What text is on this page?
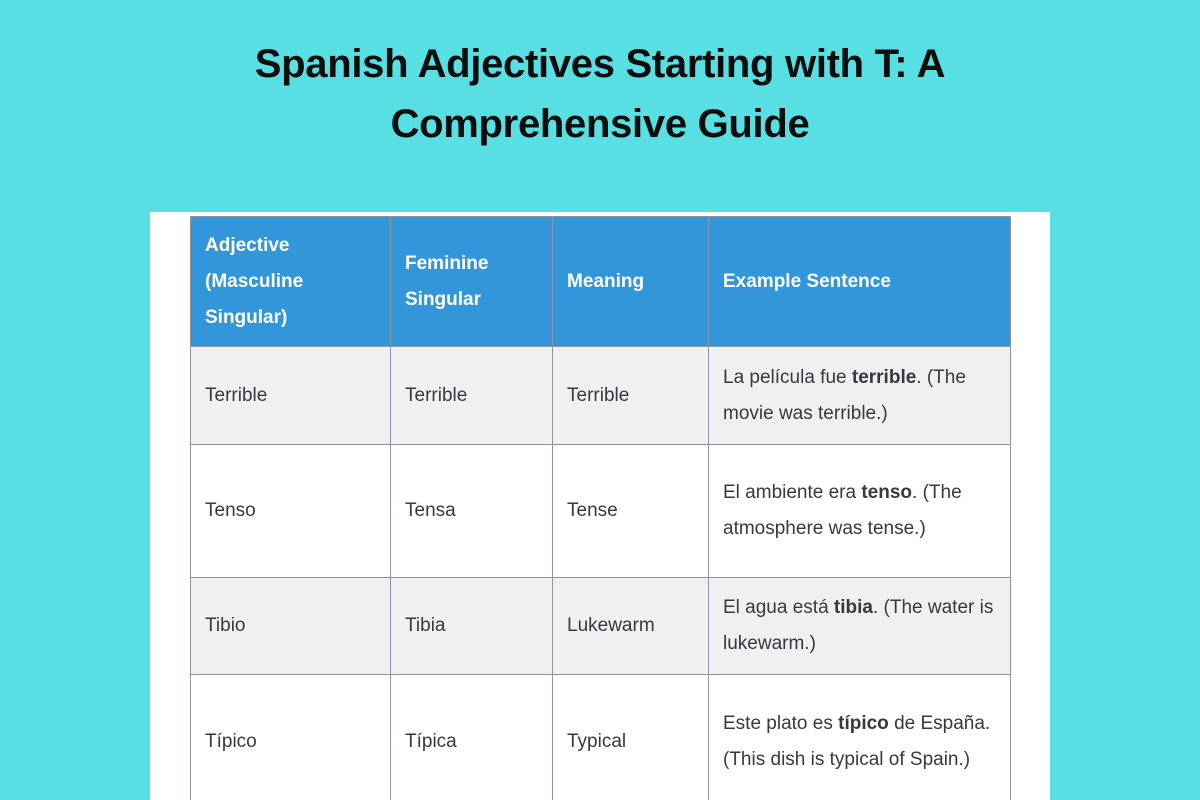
Spanish Adjectives Starting with T: A Comprehensive Guide
Adjective (Masculine Singular)	Feminine Singular	Meaning	Example Sentence
Terrible	Terrible	Terrible	La película fue terrible. (The movie was terrible.)
Tenso	Tensa	Tense	El ambiente era tenso. (The atmosphere was tense.)
Tibio	Tibia	Lukewarm	El agua está tibia. (The water is lukewarm.)
Típico	Típica	Typical	Este plato es típico de España. (This dish is typical of Spain.)
